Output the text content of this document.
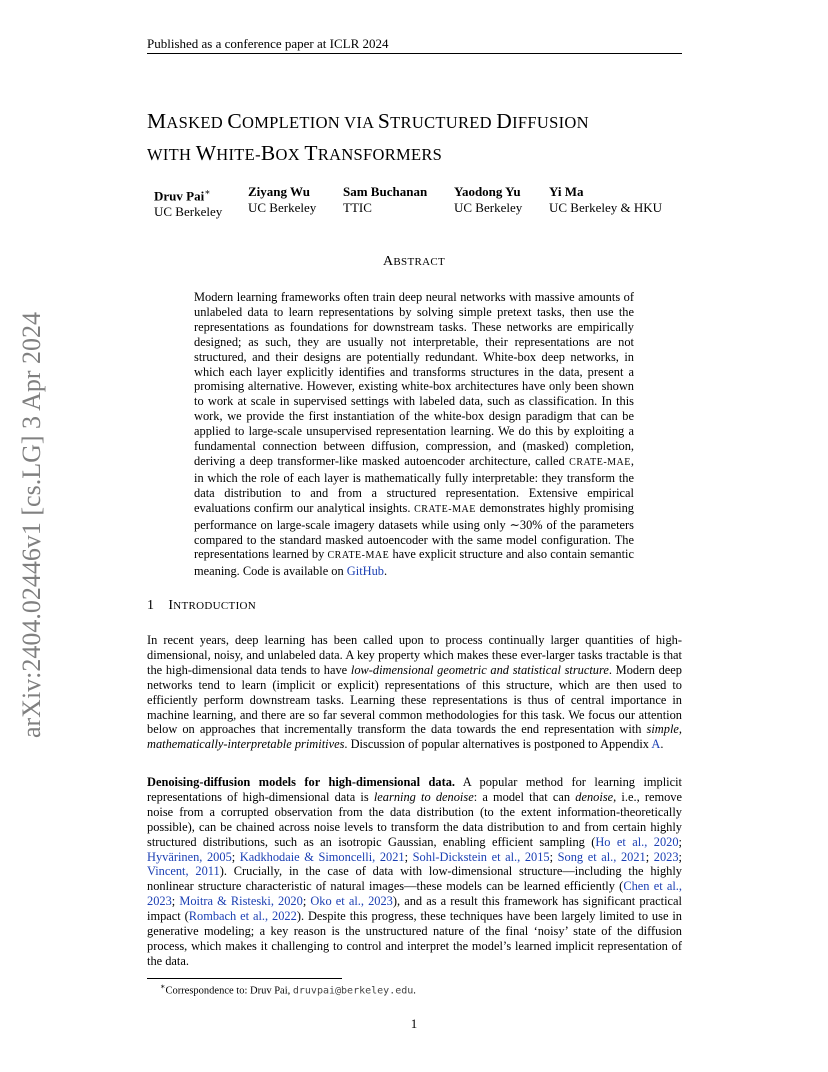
Published as a conference paper at ICLR 2024
MASKED COMPLETION VIA STRUCTURED DIFFUSION
WITH WHITE-BOX TRANSFORMERS
Druv Pai∗
UC Berkeley
Ziyang Wu
UC Berkeley
Sam Buchanan
TTIC
Yaodong Yu
UC Berkeley
Yi Ma
UC Berkeley & HKU
ABSTRACT
Modern learning frameworks often train deep neural networks with massive amounts of unlabeled data to learn representations by solving simple pretext tasks, then use the representations as foundations for downstream tasks. These networks are empirically designed; as such, they are usually not interpretable, their representations are not structured, and their designs are potentially redundant. White-box deep networks, in which each layer explicitly identifies and transforms structures in the data, present a promising alternative. However, existing white-box architectures have only been shown to work at scale in supervised settings with labeled data, such as classification. In this work, we provide the first instantiation of the white-box design paradigm that can be applied to large-scale unsupervised representation learning. We do this by exploiting a fundamental connection between diffusion, compression, and (masked) completion, deriving a deep transformer-like masked autoencoder architecture, called CRATE-MAE, in which the role of each layer is mathematically fully interpretable: they transform the data distribution to and from a structured representation. Extensive empirical evaluations confirm our analytical insights. CRATE-MAE demonstrates highly promising performance on large-scale imagery datasets while using only ∼30% of the parameters compared to the standard masked autoencoder with the same model configuration. The representations learned by CRATE-MAE have explicit structure and also contain semantic meaning. Code is available on GitHub.
1 INTRODUCTION
In recent years, deep learning has been called upon to process continually larger quantities of high-dimensional, noisy, and unlabeled data. A key property which makes these ever-larger tasks tractable is that the high-dimensional data tends to have low-dimensional geometric and statistical structure. Modern deep networks tend to learn (implicit or explicit) representations of this structure, which are then used to efficiently perform downstream tasks. Learning these representations is thus of central importance in machine learning, and there are so far several common methodologies for this task. We focus our attention below on approaches that incrementally transform the data towards the end representation with simple, mathematically-interpretable primitives. Discussion of popular alternatives is postponed to Appendix A.
Denoising-diffusion models for high-dimensional data. A popular method for learning implicit representations of high-dimensional data is learning to denoise: a model that can denoise, i.e., remove noise from a corrupted observation from the data distribution (to the extent information-theoretically possible), can be chained across noise levels to transform the data distribution to and from certain highly structured distributions, such as an isotropic Gaussian, enabling efficient sampling (Ho et al., 2020; Hyvärinen, 2005; Kadkhodaie & Simoncelli, 2021; Sohl-Dickstein et al., 2015; Song et al., 2021; 2023; Vincent, 2011). Crucially, in the case of data with low-dimensional structure—including the highly nonlinear structure characteristic of natural images—these models can be learned efficiently (Chen et al., 2023; Moitra & Risteski, 2020; Oko et al., 2023), and as a result this framework has significant practical impact (Rombach et al., 2022). Despite this progress, these techniques have been largely limited to use in generative modeling; a key reason is the unstructured nature of the final ‘noisy’ state of the diffusion process, which makes it challenging to control and interpret the model’s learned implicit representation of the data.
∗Correspondence to: Druv Pai, druvpai@berkeley.edu.
1
arXiv:2404.02446v1 [cs.LG] 3 Apr 2024
